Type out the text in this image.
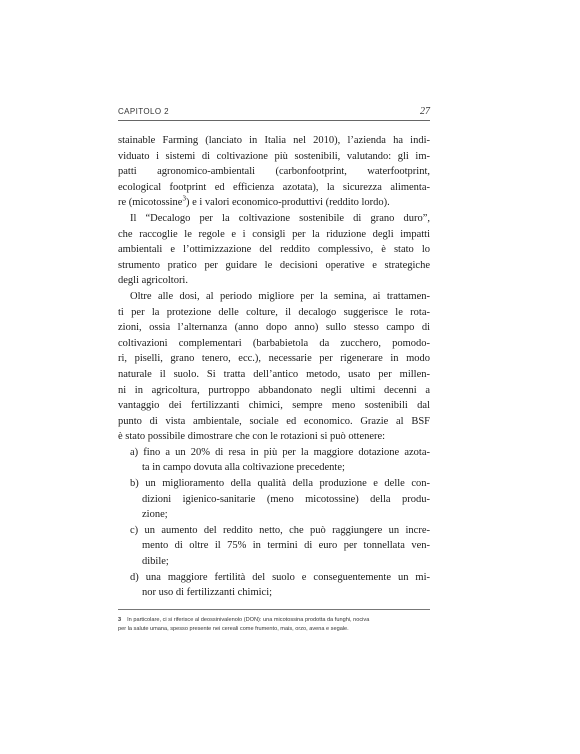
CAPITOLO 2	27
stainable Farming (lanciato in Italia nel 2010), l’azienda ha indi-
viduato i sistemi di coltivazione più sostenibili, valutando: gli im-
patti agronomico-ambientali (carbonfootprint, waterfootprint,
ecological footprint ed efficienza azotata), la sicurezza alimenta-
re (micotossine$^3$) e i valori economico-produttivi (reddito lordo).
Il “Decalogo per la coltivazione sostenibile di grano duro”,
che raccoglie le regole e i consigli per la riduzione degli impatti
ambientali e l’ottimizzazione del reddito complessivo, è stato lo
strumento pratico per guidare le decisioni operative e strategiche
degli agricoltori.
Oltre alle dosi, al periodo migliore per la semina, ai trattamen-
ti per la protezione delle colture, il decalogo suggerisce le rota-
zioni, ossia l’alternanza (anno dopo anno) sullo stesso campo di
coltivazioni complementari (barbabietola da zucchero, pomodo-
ri, piselli, grano tenero, ecc.), necessarie per rigenerare in modo
naturale il suolo. Si tratta dell’antico metodo, usato per millen-
ni in agricoltura, purtroppo abbandonato negli ultimi decenni a
vantaggio dei fertilizzanti chimici, sempre meno sostenibili dal
punto di vista ambientale, sociale ed economico. Grazie al BSF
è stato possibile dimostrare che con le rotazioni si può ottenere:
a) fino a un 20% di resa in più per la maggiore dotazione azota-
ta in campo dovuta alla coltivazione precedente;
b) un miglioramento della qualità della produzione e delle con-
dizioni igienico-sanitarie (meno micotossine) della produ-
zione;
c) un aumento del reddito netto, che può raggiungere un incre-
mento di oltre il 75% in termini di euro per tonnellata ven-
dibile;
d) una maggiore fertilità del suolo e conseguentemente un mi-
nor uso di fertilizzanti chimici;
3 In particolare, ci si riferisce al deossinivalenolo (DON): una micotossina prodotta da funghi, nociva
per la salute umana, spesso presente nei cereali come frumento, mais, orzo, avena e segale.
